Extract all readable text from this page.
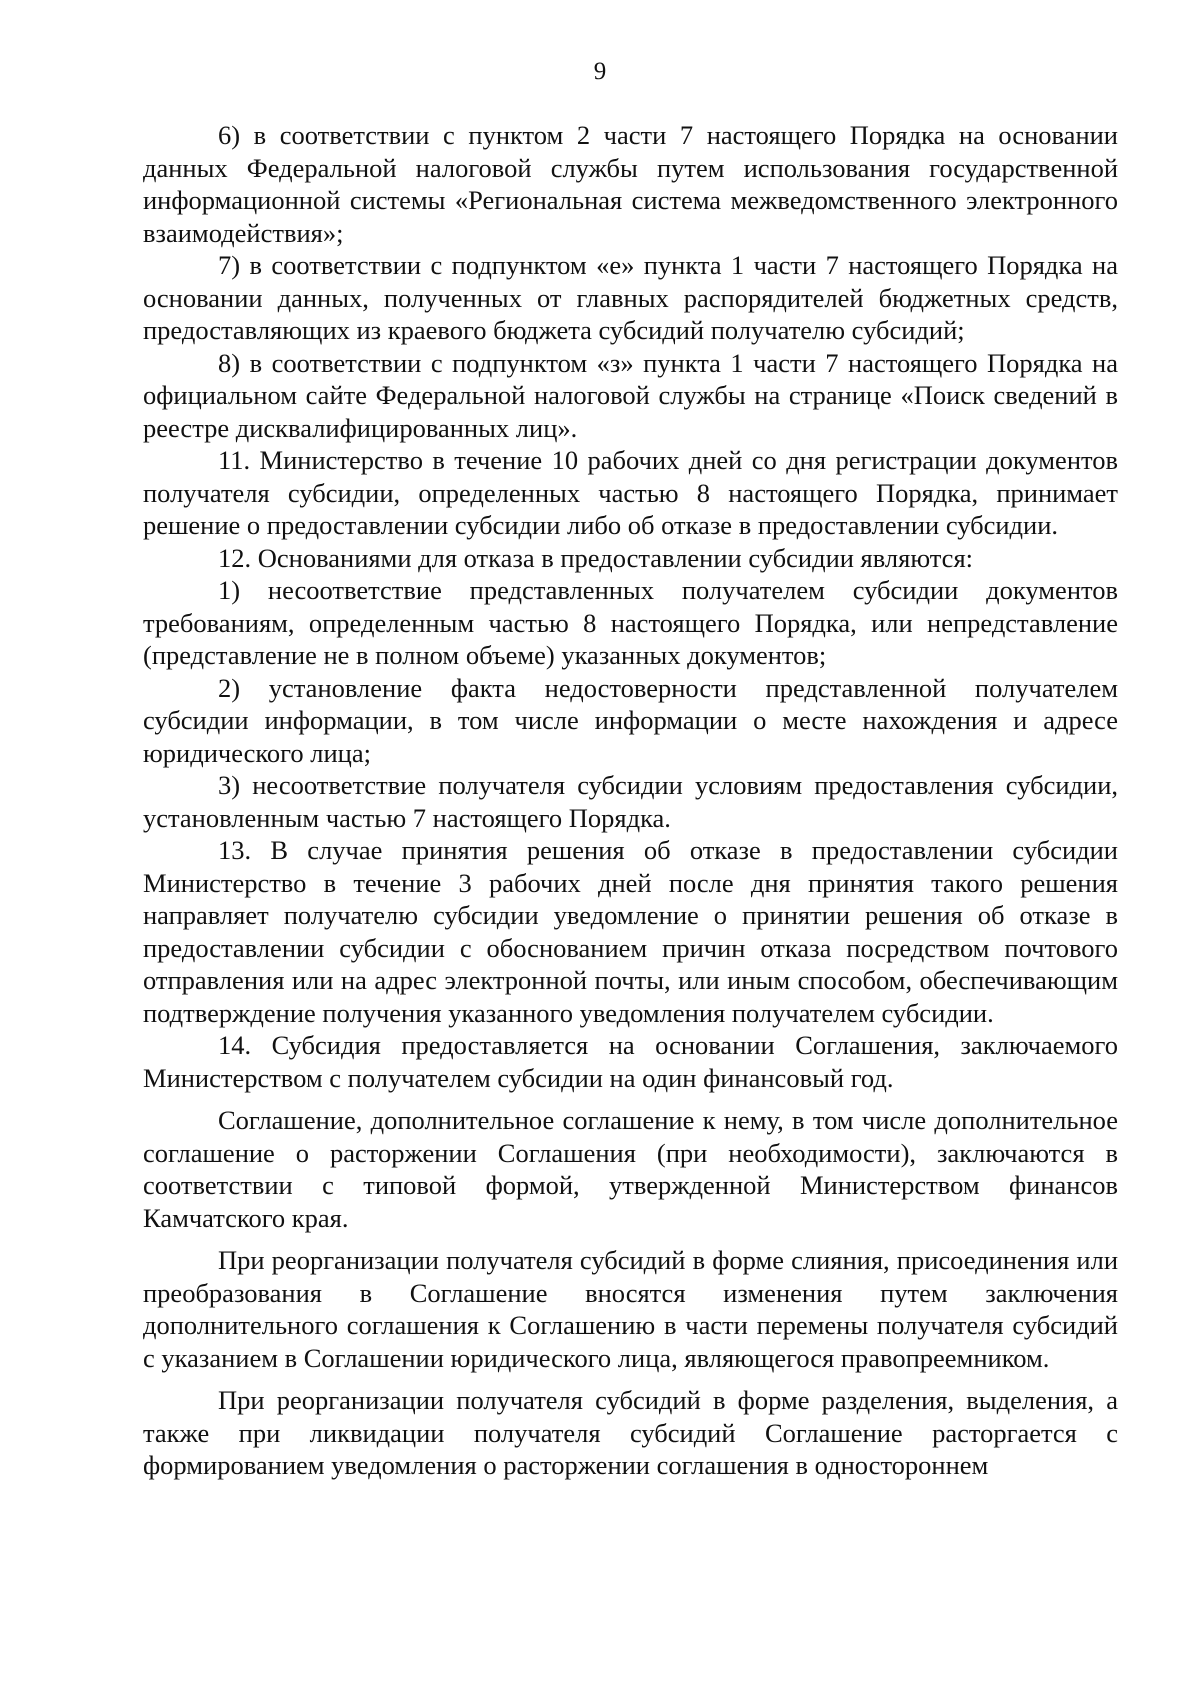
9

6) в соответствии с пунктом 2 части 7 настоящего Порядка на основании данных Федеральной налоговой службы путем использования государственной информационной системы «Региональная система межведомственного электронного взаимодействия»;

7) в соответствии с подпунктом «е» пункта 1 части 7 настоящего Порядка на основании данных, полученных от главных распорядителей бюджетных средств, предоставляющих из краевого бюджета субсидий получателю субсидий;

8) в соответствии с подпунктом «з» пункта 1 части 7 настоящего Порядка на официальном сайте Федеральной налоговой службы на странице «Поиск сведений в реестре дисквалифицированных лиц».

11. Министерство в течение 10 рабочих дней со дня регистрации документов получателя субсидии, определенных частью 8 настоящего Порядка, принимает решение о предоставлении субсидии либо об отказе в предоставлении субсидии.

12. Основаниями для отказа в предоставлении субсидии являются:

1) несоответствие представленных получателем субсидии документов требованиям, определенным частью 8 настоящего Порядка, или непредставление (представление не в полном объеме) указанных документов;

2) установление факта недостоверности представленной получателем субсидии информации, в том числе информации о месте нахождения и адресе юридического лица;

3) несоответствие получателя субсидии условиям предоставления субсидии, установленным частью 7 настоящего Порядка.

13. В случае принятия решения об отказе в предоставлении субсидии Министерство в течение 3 рабочих дней после дня принятия такого решения направляет получателю субсидии уведомление о принятии решения об отказе в предоставлении субсидии с обоснованием причин отказа посредством почтового отправления или на адрес электронной почты, или иным способом, обеспечивающим подтверждение получения указанного уведомления получателем субсидии.

14. Субсидия предоставляется на основании Соглашения, заключаемого Министерством с получателем субсидии на один финансовый год.

Соглашение, дополнительное соглашение к нему, в том числе дополнительное соглашение о расторжении Соглашения (при необходимости), заключаются в соответствии с типовой формой, утвержденной Министерством финансов Камчатского края.

При реорганизации получателя субсидий в форме слияния, присоединения или преобразования в Соглашение вносятся изменения путем заключения дополнительного соглашения к Соглашению в части перемены получателя субсидий с указанием в Соглашении юридического лица, являющегося правопреемником.

При реорганизации получателя субсидий в форме разделения, выделения, а также при ликвидации получателя субсидий Соглашение расторгается с формированием уведомления о расторжении соглашения в одностороннем
